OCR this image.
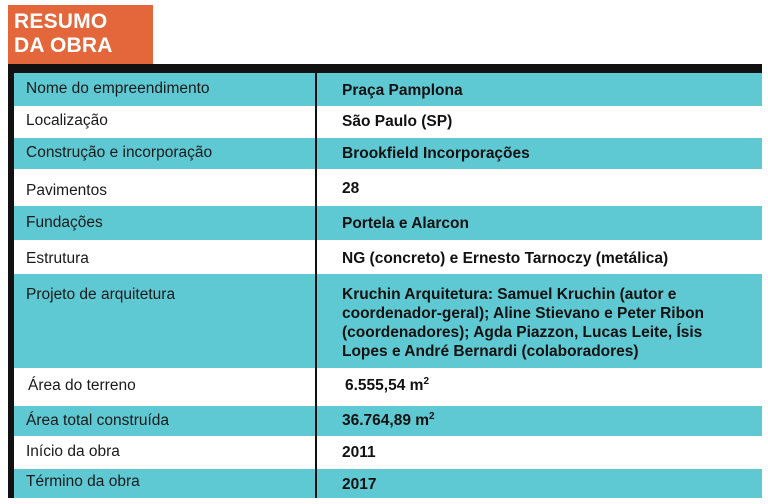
RESUMO
DA OBRA
Nome do empreendimento	Praça Pamplona
Localização	São Paulo (SP)
Construção e incorporação	Brookfield Incorporações
Pavimentos	28
Fundações	Portela e Alarcon
Estrutura	NG (concreto) e Ernesto Tarnoczy (metálica)
Projeto de arquitetura	Kruchin Arquitetura: Samuel Kruchin (autor e coordenador-geral); Aline Stievano e Peter Ribon (coordenadores); Agda Piazzon, Lucas Leite, Ísis Lopes e André Bernardi (colaboradores)
Área do terreno	6.555,54 $m^2$
Área total construída	36.764,89 $m^2$
Início da obra	2011
Término da obra	2017
